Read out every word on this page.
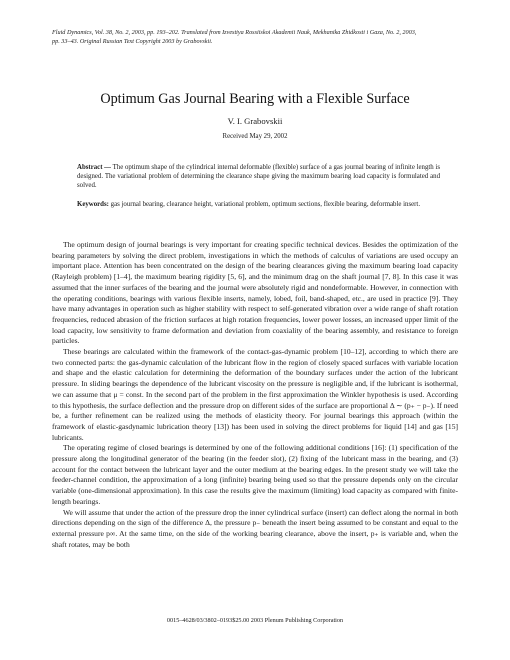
Fluid Dynamics, Vol. 38, No. 2, 2003, pp. 193–202. Translated from Izvestiya Rossiiskoi Akademii Nauk, Mekhanika Zhidkosti i Gaza, No. 2, 2003,
pp. 33–43. Original Russian Text Copyright 2003 by Grabovskii.
Optimum Gas Journal Bearing with a Flexible Surface
V. I. Grabovskii
Received May 29, 2002
Abstract — The optimum shape of the cylindrical internal deformable (flexible) surface of a gas journal bearing of infinite length is designed. The variational problem of determining the clearance shape giving the maximum bearing load capacity is formulated and solved.
Keywords: gas journal bearing, clearance height, variational problem, optimum sections, flexible bearing, deformable insert.

The optimum design of journal bearings is very important for creating specific technical devices. Besides the optimization of the bearing parameters by solving the direct problem, investigations in which the methods of calculus of variations are used occupy an important place. Attention has been concentrated on the design of the bearing clearances giving the maximum bearing load capacity (Rayleigh problem) [1–4], the maximum bearing rigidity [5, 6], and the minimum drag on the shaft journal [7, 8]. In this case it was assumed that the inner surfaces of the bearing and the journal were absolutely rigid and nondeformable. However, in connection with the operating conditions, bearings with various flexible inserts, namely, lobed, foil, band-shaped, etc., are used in practice [9]. They have many advantages in operation such as higher stability with respect to self-generated vibration over a wide range of shaft rotation frequencies, reduced abrasion of the friction surfaces at high rotation frequencies, lower power losses, an increased upper limit of the load capacity, low sensitivity to frame deformation and deviation from coaxiality of the bearing assembly, and resistance to foreign particles.

These bearings are calculated within the framework of the contact-gas-dynamic problem [10–12], according to which there are two connected parts: the gas-dynamic calculation of the lubricant flow in the region of closely spaced surfaces with variable location and shape and the elastic calculation for determining the deformation of the boundary surfaces under the action of the lubricant pressure. In sliding bearings the dependence of the lubricant viscosity on the pressure is negligible and, if the lubricant is isothermal, we can assume that μ = const. In the second part of the problem in the first approximation the Winkler hypothesis is used. According to this hypothesis, the surface deflection and the pressure drop on different sides of the surface are proportional Δ ∼ (p₊ − p₋). If need be, a further refinement can be realized using the methods of elasticity theory. For journal bearings this approach (within the framework of elastic-gasdynamic lubrication theory [13]) has been used in solving the direct problems for liquid [14] and gas [15] lubricants.

The operating regime of closed bearings is determined by one of the following additional conditions [16]: (1) specification of the pressure along the longitudinal generator of the bearing (in the feeder slot), (2) fixing of the lubricant mass in the bearing, and (3) account for the contact between the lubricant layer and the outer medium at the bearing edges. In the present study we will take the feeder-channel condition, the approximation of a long (infinite) bearing being used so that the pressure depends only on the circular variable (one-dimensional approximation). In this case the results give the maximum (limiting) load capacity as compared with finite-length bearings.

We will assume that under the action of the pressure drop the inner cylindrical surface (insert) can deflect along the normal in both directions depending on the sign of the difference Δ, the pressure p₋ beneath the insert being assumed to be constant and equal to the external pressure p∞. At the same time, on the side of the working bearing clearance, above the insert, p₊ is variable and, when the shaft rotates, may be both

0015–4628/03/3802–0193$25.00 2003 Plenum Publishing Corporation
